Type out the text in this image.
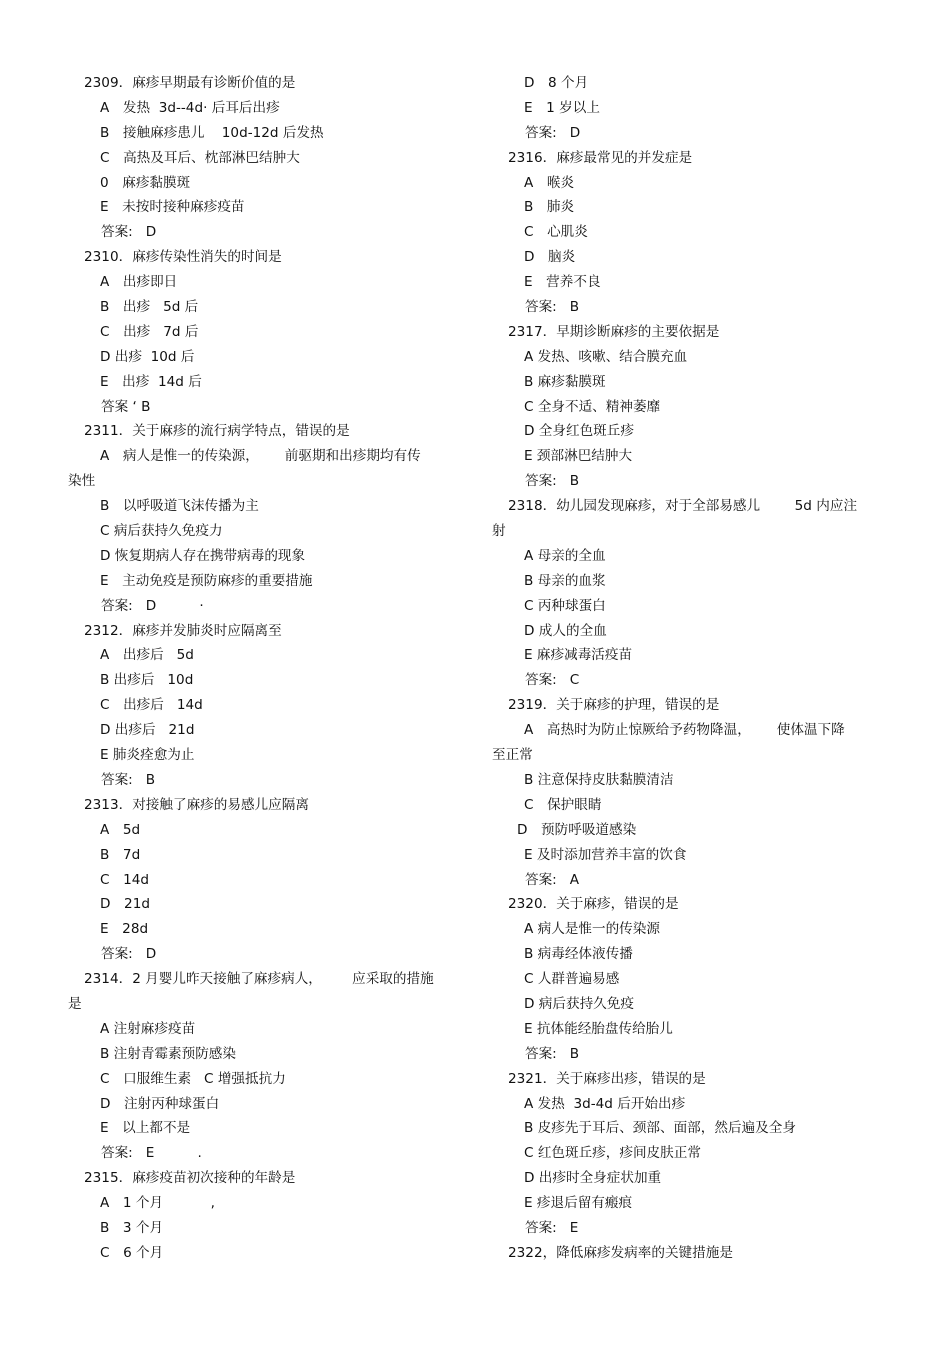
2309．麻疹早期最有诊断价值的是
A　发热  3d--4d· 后耳后出疹
B　接触麻疹患儿    10d-12d 后发热
C　高热及耳后、枕部淋巴结肿大
0　麻疹黏膜斑
E　未按时接种麻疹疫苗
答案:   D
2310．麻疹传染性消失的时间是
A　出疹即日
B　出疹   5d 后
C　出疹   7d 后
D 出疹  10d 后
E　出疹  14d 后
答案 ‘ B
2311．关于麻疹的流行病学特点，错误的是
A　病人是惟一的传染源，      前驱期和出疹期均有传
染性
B　以呼吸道飞沫传播为主
C 病后获持久免疫力
D 恢复期病人存在携带病毒的现象
E　主动免疫是预防麻疹的重要措施
答案:   D          ·
2312．麻疹并发肺炎时应隔离至
A　出疹后   5d
B 出疹后   10d
C　出疹后   14d
D 出疹后   21d
E 肺炎痊愈为止
答案:   B
2313．对接触了麻疹的易感儿应隔离
A　5d
B　7d
C　14d
D　21d
E　28d
答案:   D
2314．2 月婴儿昨天接触了麻疹病人，       应采取的措施
是
A 注射麻疹疫苗
B 注射青霉素预防感染
C　口服维生素   C 增强抵抗力
D　注射丙种球蛋白
E　以上都不是
答案:   E          .
2315．麻疹疫苗初次接种的年龄是
A　1 个月           ,
B　3 个月
C　6 个月
D　8 个月
E　1 岁以上
答案:   D
2316．麻疹最常见的并发症是
A　喉炎
B　肺炎
C　心肌炎
D　脑炎
E　营养不良
答案:   B
2317．早期诊断麻疹的主要依据是
A 发热、咳嗽、结合膜充血
B 麻疹黏膜斑
C 全身不适、精神萎靡
D 全身红色斑丘疹
E 颈部淋巴结肿大
答案:   B
2318．幼儿园发现麻疹，对于全部易感儿        5d 内应注
射
A 母亲的全血
B 母亲的血浆
C 丙种球蛋白
D 成人的全血
E 麻疹减毒活疫苗
答案:   C
2319．关于麻疹的护理，错误的是
A　高热时为防止惊厥给予药物降温，      使体温下降
至正常
B 注意保持皮肤黏膜清洁
C　保护眼睛
D　预防呼吸道感染
E 及时添加营养丰富的饮食
答案:   A
2320．关于麻疹，错误的是
A 病人是惟一的传染源
B 病毒经体液传播
C 人群普遍易感
D 病后获持久免疫
E 抗体能经胎盘传给胎儿
答案:   B
2321．关于麻疹出疹，错误的是
A 发热  3d-4d 后开始出疹
B 皮疹先于耳后、颈部、面部，然后遍及全身
C 红色斑丘疹，疹间皮肤正常
D 出疹时全身症状加重
E 疹退后留有瘢痕
答案:   E
2322，降低麻疹发病率的关键措施是
